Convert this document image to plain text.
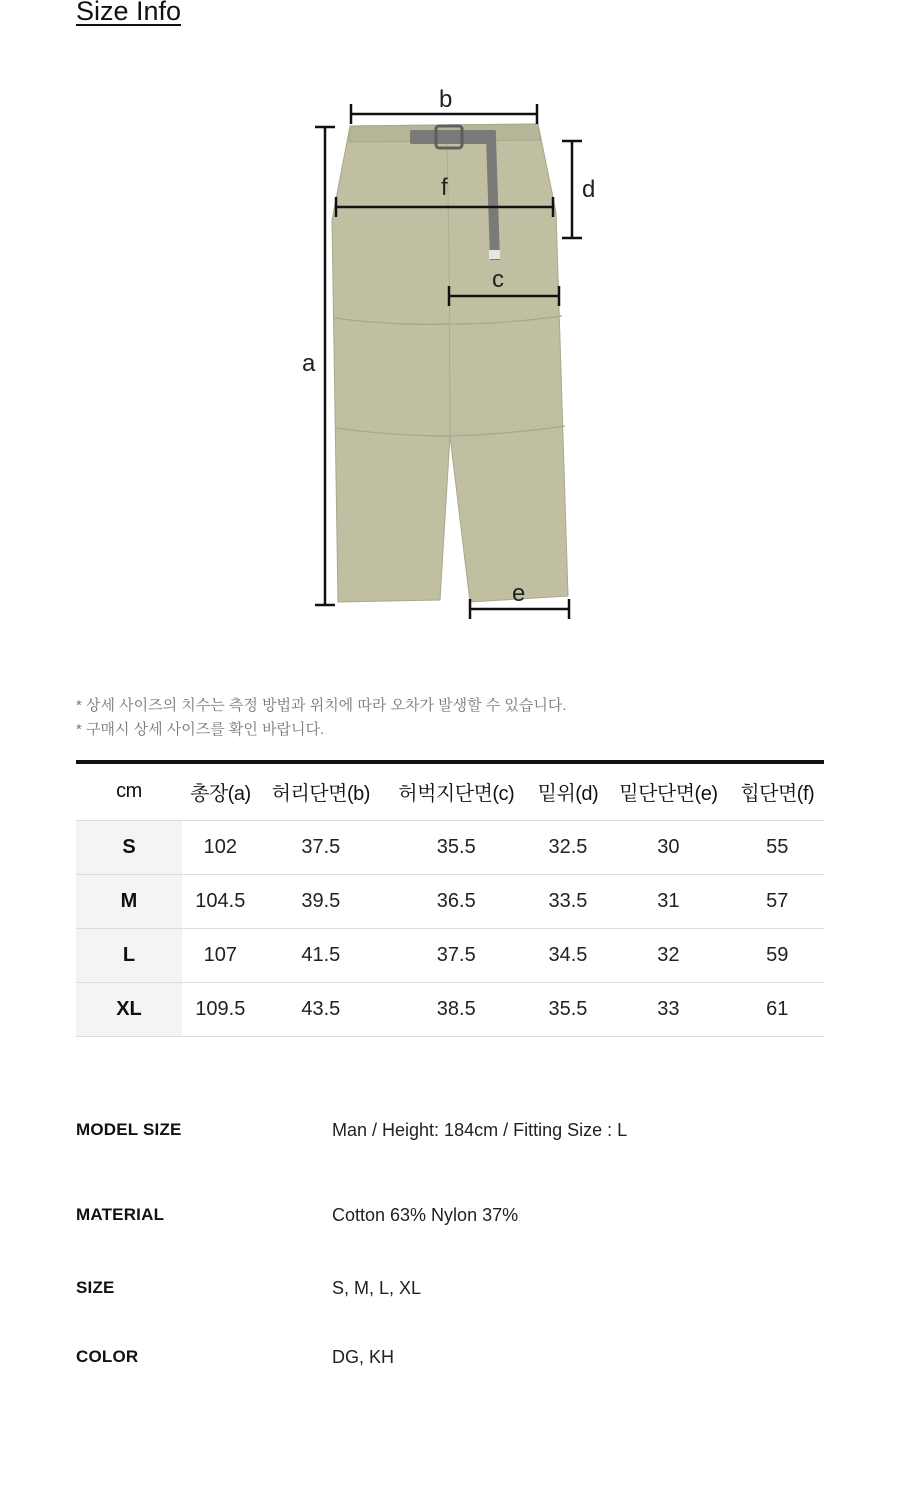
Size Info
b
d
f
c
a
e
* 상세 사이즈의 치수는 측정 방법과 위치에 따라 오차가 발생할 수 있습니다.
* 구매시 상세 사이즈를 확인 바랍니다.
cm	총장(a)	허리단면(b)	허벅지단면(c)	밑위(d)	밑단단면(e)	힙단면(f)
S	102	37.5	35.5	32.5	30	55
M	104.5	39.5	36.5	33.5	31	57
L	107	41.5	37.5	34.5	32	59
XL	109.5	43.5	38.5	35.5	33	61
MODEL SIZE	Man / Height: 184cm / Fitting Size : L
MATERIAL	Cotton 63% Nylon 37%
SIZE	S, M, L, XL
COLOR	DG, KH
